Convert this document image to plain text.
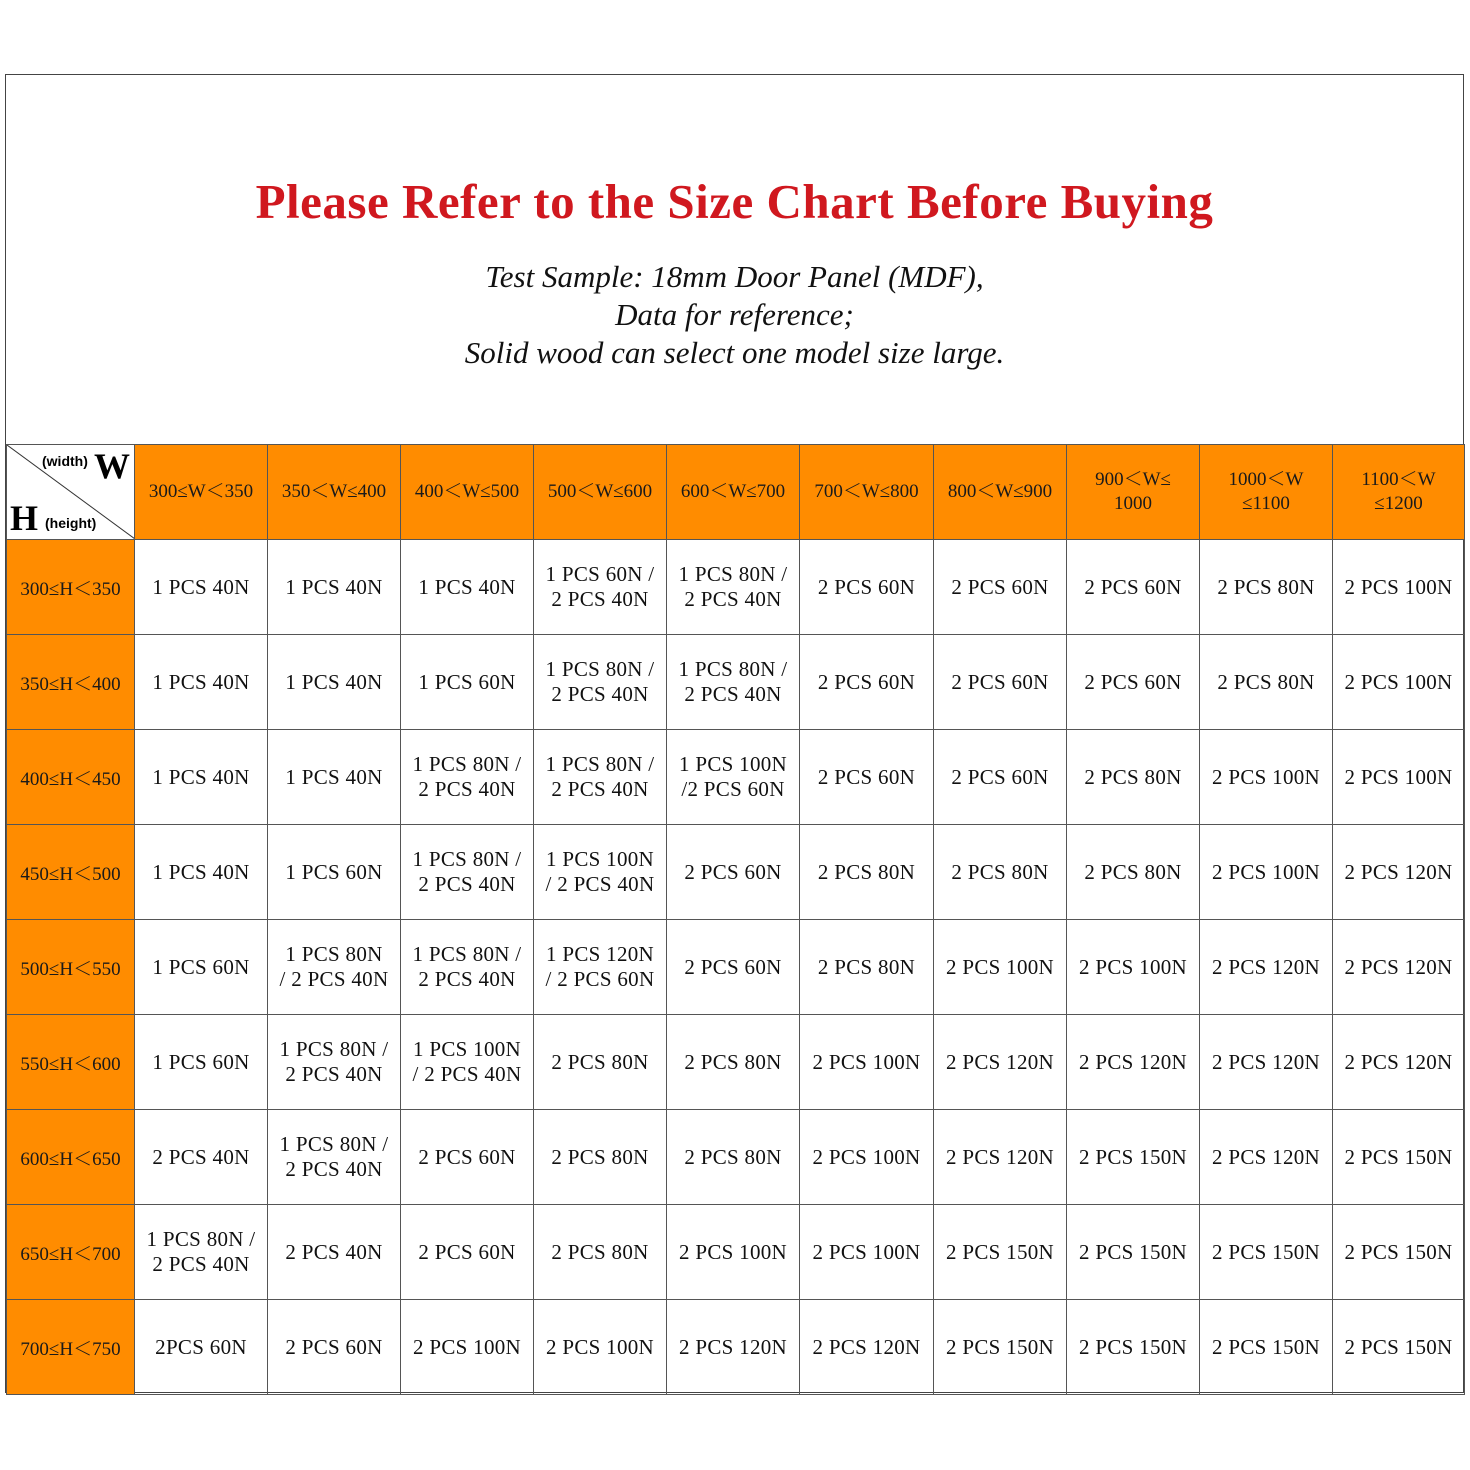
Please Refer to the Size Chart Before Buying
Test Sample: 18mm Door Panel (MDF),
Data for reference;
Solid wood can select one model size large.
(width) W
H (height)	300≤W＜350	350＜W≤400	400＜W≤500	500＜W≤600	600＜W≤700	700＜W≤800	800＜W≤900	900＜W≤
1000	1000＜W
≤1100	1100＜W
≤1200

300≤H＜350	1 PCS 40N	1 PCS 40N	1 PCS 40N	1 PCS 60N /
2 PCS 40N	1 PCS 80N /
2 PCS 40N	2 PCS 60N	2 PCS 60N	2 PCS 60N	2 PCS 80N	2 PCS 100N

350≤H＜400	1 PCS 40N	1 PCS 40N	1 PCS 60N	1 PCS 80N /
2 PCS 40N	1 PCS 80N /
2 PCS 40N	2 PCS 60N	2 PCS 60N	2 PCS 60N	2 PCS 80N	2 PCS 100N

400≤H＜450	1 PCS 40N	1 PCS 40N	1 PCS 80N /
2 PCS 40N	1 PCS 80N /
2 PCS 40N	1 PCS 100N
/2 PCS 60N	2 PCS 60N	2 PCS 60N	2 PCS 80N	2 PCS 100N	2 PCS 100N

450≤H＜500	1 PCS 40N	1 PCS 60N	1 PCS 80N /
2 PCS 40N	1 PCS 100N
/ 2 PCS 40N	2 PCS 60N	2 PCS 80N	2 PCS 80N	2 PCS 80N	2 PCS 100N	2 PCS 120N

500≤H＜550	1 PCS 60N	1 PCS 80N
/ 2 PCS 40N	1 PCS 80N /
2 PCS 40N	1 PCS 120N
/ 2 PCS 60N	2 PCS 60N	2 PCS 80N	2 PCS 100N	2 PCS 100N	2 PCS 120N	2 PCS 120N

550≤H＜600	1 PCS 60N	1 PCS 80N /
2 PCS 40N	1 PCS 100N
/ 2 PCS 40N	2 PCS 80N	2 PCS 80N	2 PCS 100N	2 PCS 120N	2 PCS 120N	2 PCS 120N	2 PCS 120N

600≤H＜650	2 PCS 40N	1 PCS 80N /
2 PCS 40N	2 PCS 60N	2 PCS 80N	2 PCS 80N	2 PCS 100N	2 PCS 120N	2 PCS 150N	2 PCS 120N	2 PCS 150N

650≤H＜700	1 PCS 80N /
2 PCS 40N	2 PCS 40N	2 PCS 60N	2 PCS 80N	2 PCS 100N	2 PCS 100N	2 PCS 150N	2 PCS 150N	2 PCS 150N	2 PCS 150N

700≤H＜750	2PCS 60N	2 PCS 60N	2 PCS 100N	2 PCS 100N	2 PCS 120N	2 PCS 120N	2 PCS 150N	2 PCS 150N	2 PCS 150N	2 PCS 150N
